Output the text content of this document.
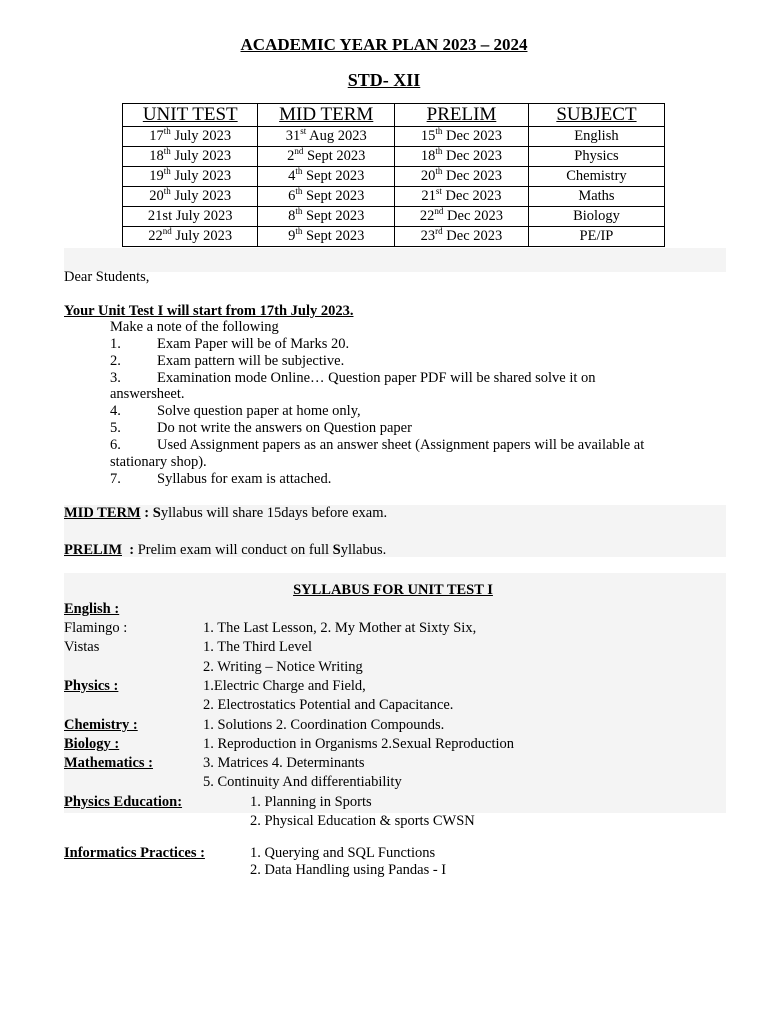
ACADEMIC YEAR PLAN 2023 – 2024
STD- XII
UNIT TEST	MID TERM	PRELIM	SUBJECT
17th July 2023	31st Aug 2023	15th Dec 2023	English
18th July 2023	2nd Sept 2023	18th Dec 2023	Physics
19th July 2023	4th Sept 2023	20th Dec 2023	Chemistry
20th July 2023	6th Sept 2023	21st Dec 2023	Maths
21st July 2023	8th Sept 2023	22nd Dec 2023	Biology
22nd July 2023	9th Sept 2023	23rd Dec 2023	PE/IP
Dear Students,
Your Unit Test I will start from 17th July 2023.
Make a note of the following
1. Exam Paper will be of Marks 20.
2. Exam pattern will be subjective.
3. Examination mode Online… Question paper PDF will be shared solve it on
answersheet.
4. Solve question paper at home only,
5. Do not write the answers on Question paper
6. Used Assignment papers as an answer sheet (Assignment papers will be available at
stationary shop).
7. Syllabus for exam is attached.
MID TERM : Syllabus will share 15days before exam.
PRELIM  : Prelim exam will conduct on full Syllabus.
SYLLABUS FOR UNIT TEST I
English :
Flamingo :	1. The Last Lesson, 2. My Mother at Sixty Six,
Vistas	1. The Third Level
2. Writing – Notice Writing
Physics :	1.Electric Charge and Field,
2. Electrostatics Potential and Capacitance.
Chemistry :	1. Solutions 2. Coordination Compounds.
Biology :	1. Reproduction in Organisms 2.Sexual Reproduction
Mathematics :	3. Matrices 4. Determinants
5. Continuity And differentiability
Physics Education:	1. Planning in Sports
2. Physical Education & sports CWSN
Informatics Practices :	1. Querying and SQL Functions
2. Data Handling using Pandas - I
